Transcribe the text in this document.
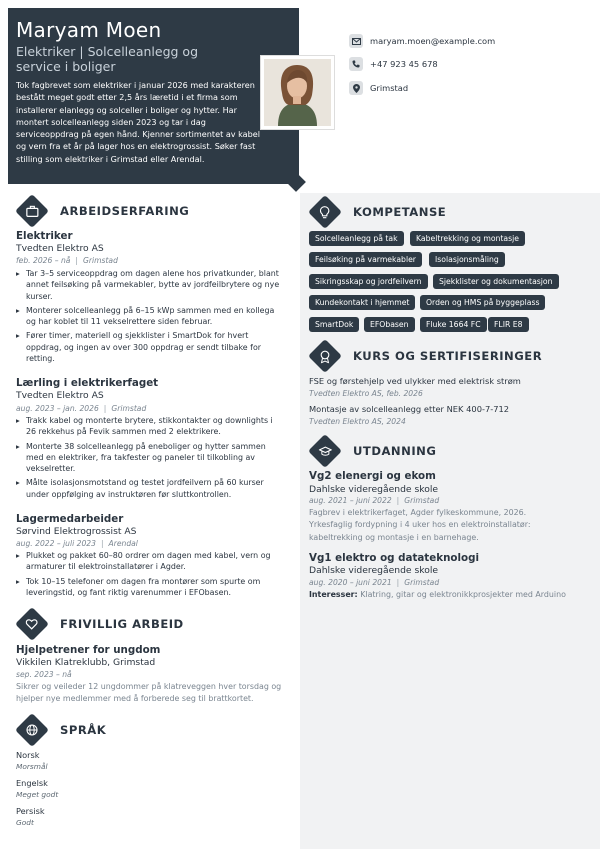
Maryam Moen
Elektriker | Solcelleanlegg og service i boliger
Tok fagbrevet som elektriker i januar 2026 med karakteren bestått meget godt etter 2,5 års læretid i et firma som installerer elanlegg og solceller i boliger og hytter. Har montert solcelleanlegg siden 2023 og tar i dag serviceoppdrag på egen hånd. Kjenner sortimentet av kabel og vern fra et år på lager hos en elektrogrossist. Søker fast stilling som elektriker i Grimstad eller Arendal.
maryam.moen@example.com
+47 923 45 678
Grimstad
ARBEIDSERFARING
Elektriker
Tvedten Elektro AS
feb. 2026 – nå | Grimstad
▸ Tar 3–5 serviceoppdrag om dagen alene hos privatkunder, blant annet feilsøking på varmekabler, bytte av jordfeilbrytere og nye kurser.
▸ Monterer solcelleanlegg på 6–15 kWp sammen med en kollega og har koblet til 11 vekselrettere siden februar.
▸ Fører timer, materiell og sjekklister i SmartDok for hvert oppdrag, og ingen av over 300 oppdrag er sendt tilbake for retting.
Lærling i elektrikerfaget
Tvedten Elektro AS
aug. 2023 – jan. 2026 | Grimstad
▸ Trakk kabel og monterte brytere, stikkontakter og downlights i 26 rekkehus på Fevik sammen med 2 elektrikere.
▸ Monterte 38 solcelleanlegg på eneboliger og hytter sammen med en elektriker, fra takfester og paneler til tilkobling av vekselretter.
▸ Målte isolasjonsmotstand og testet jordfeilvern på 60 kurser under oppfølging av instruktøren før sluttkontrollen.
Lagermedarbeider
Sørvind Elektrogrossist AS
aug. 2022 – juli 2023 | Arendal
▸ Plukket og pakket 60–80 ordrer om dagen med kabel, vern og armaturer til elektroinstallatører i Agder.
▸ Tok 10–15 telefoner om dagen fra montører som spurte om leveringstid, og fant riktig varenummer i EFObasen.
FRIVILLIG ARBEID
Hjelpetrener for ungdom
Vikkilen Klatreklubb, Grimstad
sep. 2023 – nå
Sikrer og veileder 12 ungdommer på klatreveggen hver torsdag og hjelper nye medlemmer med å forberede seg til brattkortet.
SPRÅK
Norsk
Morsmål
Engelsk
Meget godt
Persisk
Godt
KOMPETANSE
Solcelleanlegg på tak	Kabeltrekking og montasje
Feilsøking på varmekabler	Isolasjonsmåling
Sikringsskap og jordfeilvern	Sjekklister og dokumentasjon
Kundekontakt i hjemmet	Orden og HMS på byggeplass
SmartDok	EFObasen	Fluke 1664 FC	FLIR E8
KURS OG SERTIFISERINGER
FSE og førstehjelp ved ulykker med elektrisk strøm
Tvedten Elektro AS, feb. 2026
Montasje av solcelleanlegg etter NEK 400-7-712
Tvedten Elektro AS, 2024
UTDANNING
Vg2 elenergi og ekom
Dahlske videregående skole
aug. 2021 – juni 2022 | Grimstad
Fagbrev i elektrikerfaget, Agder fylkeskommune, 2026. Yrkesfaglig fordypning i 4 uker hos en elektroinstallatør: kabeltrekking og montasje i en barnehage.
Vg1 elektro og datateknologi
Dahlske videregående skole
aug. 2020 – juni 2021 | Grimstad
Interesser: Klatring, gitar og elektronikkprosjekter med Arduino
